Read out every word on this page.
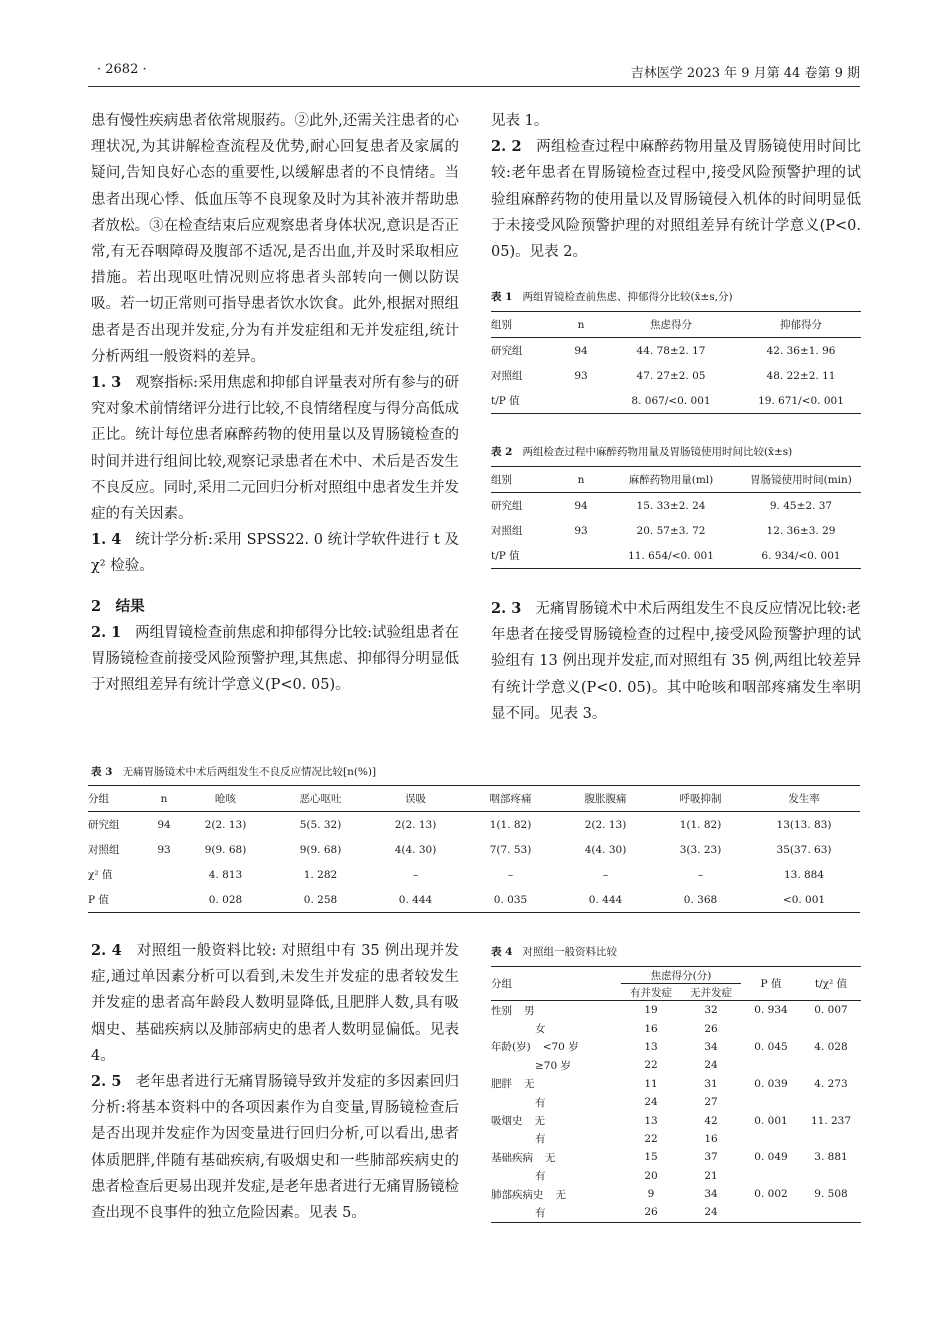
· 2682 ·	吉林医学 2023 年 9 月第 44 卷第 9 期

患有慢性疾病患者依常规服药。②此外,还需关注患者的心理状况,为其讲解检查流程及优势,耐心回复患者及家属的疑问,告知良好心态的重要性,以缓解患者的不良情绪。当患者出现心悸、低血压等不良现象及时为其补液并帮助患者放松。③在检查结束后应观察患者身体状况,意识是否正常,有无吞咽障碍及腹部不适况,是否出血,并及时采取相应措施。若出现呕吐情况则应将患者头部转向一侧以防误吸。若一切正常则可指导患者饮水饮食。此外,根据对照组患者是否出现并发症,分为有并发症组和无并发症组,统计分析两组一般资料的差异。

1. 3 观察指标:采用焦虑和抑郁自评量表对所有参与的研究对象术前情绪评分进行比较,不良情绪程度与得分高低成正比。统计每位患者麻醉药物的使用量以及胃肠镜检查的时间并进行组间比较,观察记录患者在术中、术后是否发生不良反应。同时,采用二元回归分析对照组中患者发生并发症的有关因素。

1. 4 统计学分析:采用 SPSS22. 0 统计学软件进行 t 及χ² 检验。

2　结果

2. 1 两组胃镜检查前焦虑和抑郁得分比较:试验组患者在胃肠镜检查前接受风险预警护理,其焦虑、抑郁得分明显低于对照组差异有统计学意义(P<0. 05)。

见表 1。

2. 2 两组检查过程中麻醉药物用量及胃肠镜使用时间比较:老年患者在胃肠镜检查过程中,接受风险预警护理的试验组麻醉药物的使用量以及胃肠镜侵入机体的时间明显低于未接受风险预警护理的对照组差异有统计学意义(P<0. 05)。见表 2。

表 1 两组胃镜检查前焦虑、抑郁得分比较(x̄±s,分)
组别	n	焦虑得分	抑郁得分
研究组	94	44. 78±2. 17	42. 36±1. 96
对照组	93	47. 27±2. 05	48. 22±2. 11
t/P 值		8. 067/<0. 001	19. 671/<0. 001
表 2 两组检查过程中麻醉药物用量及胃肠镜使用时间比较(x̄±s)
组别	n	麻醉药物用量(ml)	胃肠镜使用时间(min)
研究组	94	15. 33±2. 24	9. 45±2. 37
对照组	93	20. 57±3. 72	12. 36±3. 29
t/P 值		11. 654/<0. 001	6. 934/<0. 001

2. 3 无痛胃肠镜术中术后两组发生不良反应情况比较:老年患者在接受胃肠镜检查的过程中,接受风险预警护理的试验组有 13 例出现并发症,而对照组有 35 例,两组比较差异有统计学意义(P<0. 05)。其中呛咳和咽部疼痛发生率明显不同。见表 3。

表 3 无痛胃肠镜术中术后两组发生不良反应情况比较[n(%)]
分组	n	呛咳	恶心呕吐	误吸	咽部疼痛	腹胀腹痛	呼吸抑制	发生率
研究组	94	2(2. 13)	5(5. 32)	2(2. 13)	1(1. 82)	2(2. 13)	1(1. 82)	13(13. 83)
对照组	93	9(9. 68)	9(9. 68)	4(4. 30)	7(7. 53)	4(4. 30)	3(3. 23)	35(37. 63)
χ² 值		4. 813	1. 282	–	–	–	–	13. 884
P 值		0. 028	0. 258	0. 444	0. 035	0. 444	0. 368	<0. 001

2. 4 对照组一般资料比较: 对照组中有 35 例出现并发症,通过单因素分析可以看到,未发生并发症的患者较发生并发症的患者高年龄段人数明显降低,且肥胖人数,具有吸烟史、基础疾病以及肺部病史的患者人数明显偏低。见表 4。

2. 5 老年患者进行无痛胃肠镜导致并发症的多因素回归分析:将基本资料中的各项因素作为自变量,胃肠镜检查后是否出现并发症作为因变量进行回归分析,可以看出,患者体质肥胖,伴随有基础疾病,有吸烟史和一些肺部疾病史的患者检查后更易出现并发症,是老年患者进行无痛胃肠镜检查出现不良事件的独立危险因素。见表 5。

表 4 对照组一般资料比较
分组	焦虑得分(分)		P 值	t/χ² 值
	有并发症	无并发症		
性别 男	19	32	0. 934	0. 007
女	16	26		
年龄(岁) <70 岁	13	34	0. 045	4. 028
≥70 岁	22	24		
肥胖 无	11	31	0. 039	4. 273
有	24	27		
吸烟史 无	13	42	0. 001	11. 237
有	22	16		
基础疾病 无	15	37	0. 049	3. 881
有	20	21		
肺部疾病史 无	9	34	0. 002	9. 508
有	26	24		
